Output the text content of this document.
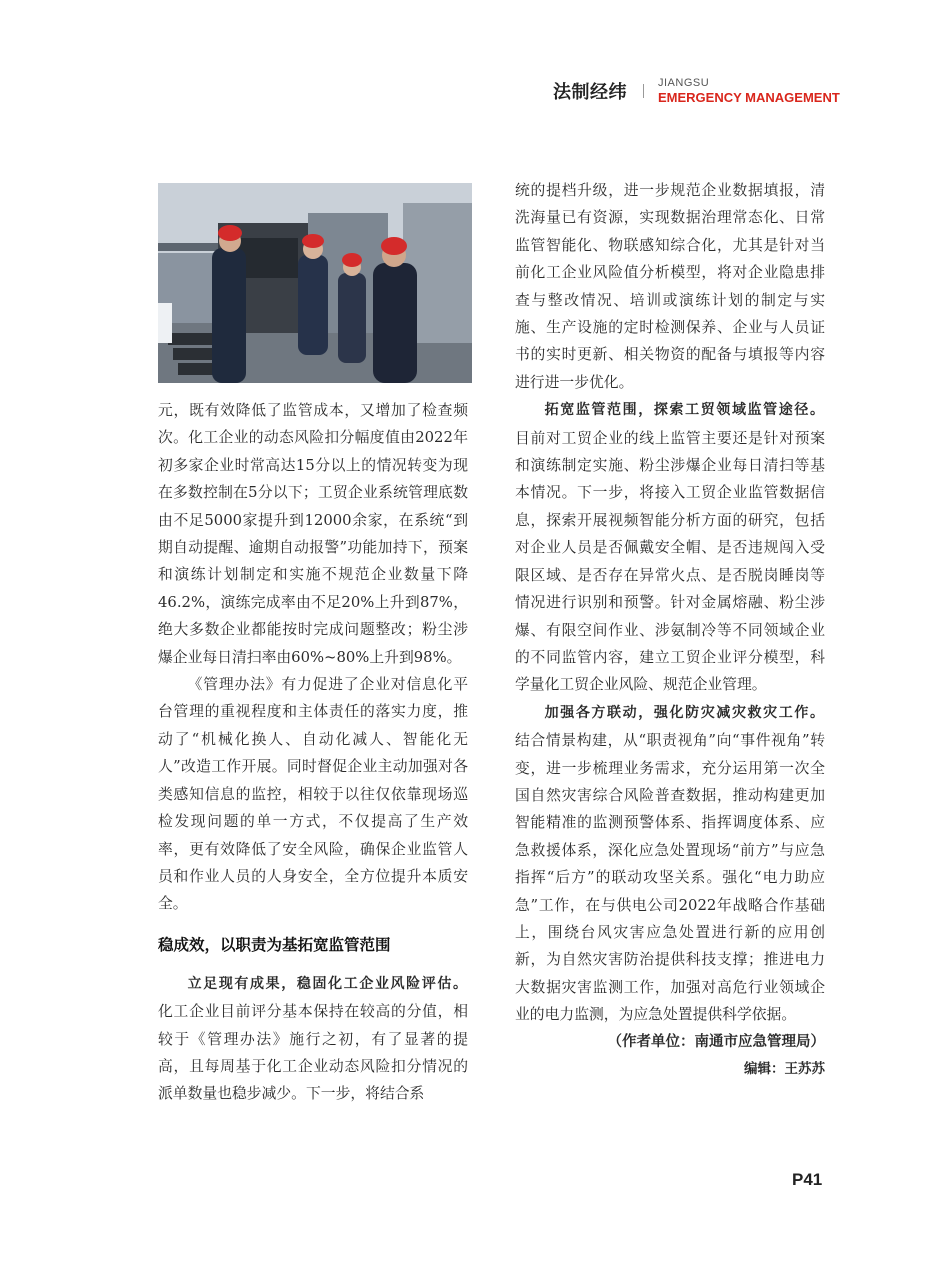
法制经纬	JIANGSU
EMERGENCY MANAGEMENT

元，既有效降低了监管成本，又增加了检查频次。化工企业的动态风险扣分幅度值由2022年初多家企业时常高达15分以上的情况转变为现在多数控制在5分以下；工贸企业系统管理底数由不足5000家提升到12000余家，在系统“到期自动提醒、逾期自动报警”功能加持下，预案和演练计划制定和实施不规范企业数量下降46.2%，演练完成率由不足20%上升到87%，绝大多数企业都能按时完成问题整改；粉尘涉爆企业每日清扫率由60%~80%上升到98%。

《管理办法》有力促进了企业对信息化平台管理的重视程度和主体责任的落实力度，推动了“机械化换人、自动化减人、智能化无人”改造工作开展。同时督促企业主动加强对各类感知信息的监控，相较于以往仅依靠现场巡检发现问题的单一方式，不仅提高了生产效率，更有效降低了安全风险，确保企业监管人员和作业人员的人身安全，全方位提升本质安全。

稳成效，以职责为基拓宽监管范围

立足现有成果，稳固化工企业风险评估。化工企业目前评分基本保持在较高的分值，相较于《管理办法》施行之初，有了显著的提高，且每周基于化工企业动态风险扣分情况的派单数量也稳步减少。下一步，将结合系

统的提档升级，进一步规范企业数据填报，清洗海量已有资源，实现数据治理常态化、日常监管智能化、物联感知综合化，尤其是针对当前化工企业风险值分析模型，将对企业隐患排查与整改情况、培训或演练计划的制定与实施、生产设施的定时检测保养、企业与人员证书的实时更新、相关物资的配备与填报等内容进行进一步优化。

拓宽监管范围，探索工贸领域监管途径。目前对工贸企业的线上监管主要还是针对预案和演练制定实施、粉尘涉爆企业每日清扫等基本情况。下一步，将接入工贸企业监管数据信息，探索开展视频智能分析方面的研究，包括对企业人员是否佩戴安全帽、是否违规闯入受限区域、是否存在异常火点、是否脱岗睡岗等情况进行识别和预警。针对金属熔融、粉尘涉爆、有限空间作业、涉氨制冷等不同领域企业的不同监管内容，建立工贸企业评分模型，科学量化工贸企业风险、规范企业管理。

加强各方联动，强化防灾减灾救灾工作。结合情景构建，从“职责视角”向“事件视角”转变，进一步梳理业务需求，充分运用第一次全国自然灾害综合风险普查数据，推动构建更加智能精准的监测预警体系、指挥调度体系、应急救援体系，深化应急处置现场“前方”与应急指挥“后方”的联动攻坚关系。强化“电力助应急”工作，在与供电公司2022年战略合作基础上，围绕台风灾害应急处置进行新的应用创新，为自然灾害防治提供科技支撑；推进电力大数据灾害监测工作，加强对高危行业领域企业的电力监测，为应急处置提供科学依据。

（作者单位：南通市应急管理局）

编辑：王苏苏

P41
